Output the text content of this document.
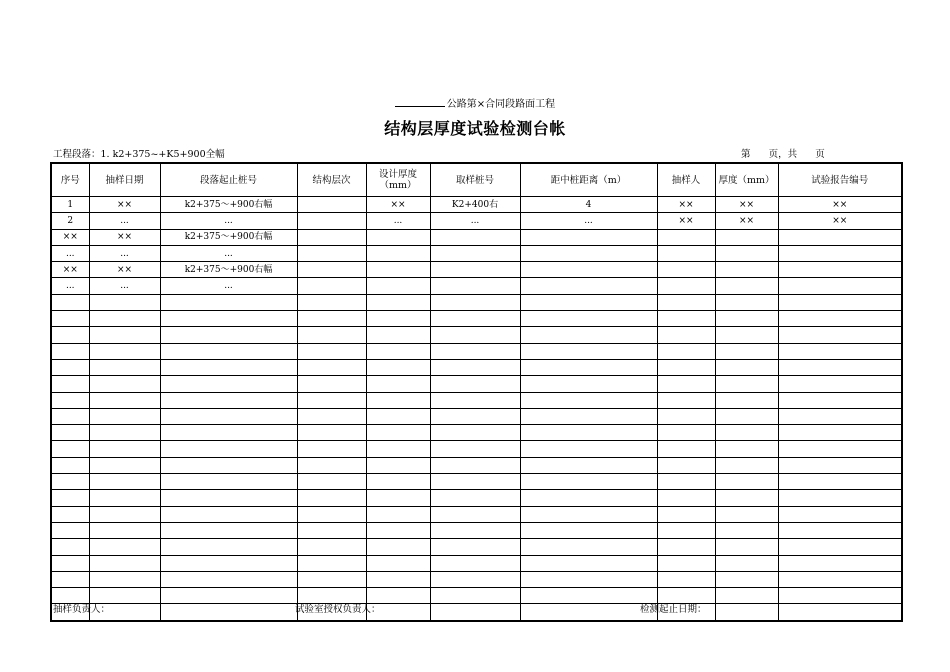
公路第×合同段路面工程
结构层厚度试验检测台帐
工程段落：1. k2+375~+K5+900全幅	第      页，共      页
序号	抽样日期	段落起止桩号	结构层次	设计厚度（mm）	取样桩号	距中桩距离（m）	抽样人	厚度（mm）	试验报告编号
1	××	k2+375～+900右幅		××	K2+400右	4	××	××	××
2	...	...		...	...	...	××	××	××
××	××	k2+375～+900右幅							
...	...	...							
××	××	k2+375～+900右幅							
...	...	...							

抽样负责人：	试验室授权负责人：	检测起止日期：
